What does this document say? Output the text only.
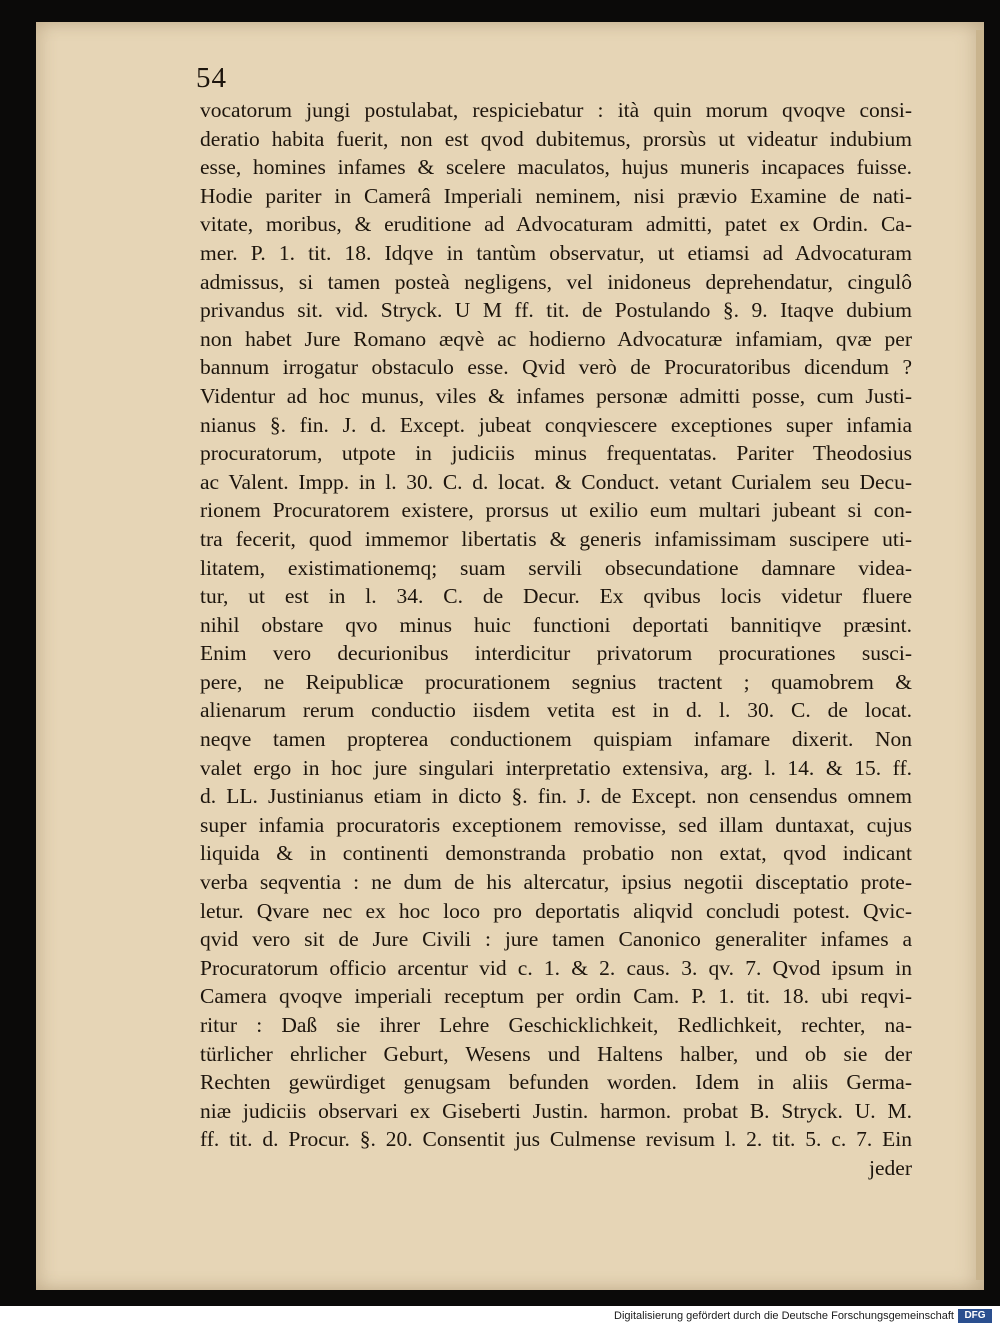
54
vocatorum jungi postulabat, respiciebatur : ità quin morum qvoqve consi-
deratio habita fuerit, non est qvod dubitemus, prorsùs ut videatur indubium
esse, homines infames & scelere maculatos, hujus muneris incapaces fuisse.
Hodie pariter in Camerâ Imperiali neminem, nisi prævio Examine de nati-
vitate, moribus, & eruditione ad Advocaturam admitti, patet ex Ordin. Ca-
mer. P. 1. tit. 18. Idqve in tantùm observatur, ut etiamsi ad Advocaturam
admissus, si tamen posteà negligens, vel inidoneus deprehendatur, cingulô
privandus sit. vid. Stryck. U M ff. tit. de Postulando §. 9. Itaqve dubium
non habet Jure Romano æqvè ac hodierno Advocaturæ infamiam, qvæ per
bannum irrogatur obstaculo esse. Qvid verò de Procuratoribus dicendum ?
Videntur ad hoc munus, viles & infames personæ admitti posse, cum Justi-
nianus §. fin. J. d. Except. jubeat conqviescere exceptiones super infamia
procuratorum, utpote in judiciis minus frequentatas. Pariter Theodosius
ac Valent. Impp. in l. 30. C. d. locat. & Conduct. vetant Curialem seu Decu-
rionem Procuratorem existere, prorsus ut exilio eum multari jubeant si con-
tra fecerit, quod immemor libertatis & generis infamissimam suscipere uti-
litatem, existimationemq; suam servili obsecundatione damnare videa-
tur, ut est in l. 34. C. de Decur. Ex qvibus locis videtur fluere
nihil obstare qvo minus huic functioni deportati bannitiqve præsint.
Enim vero decurionibus interdicitur privatorum procurationes susci-
pere, ne Reipublicæ procurationem segnius tractent ; quamobrem &
alienarum rerum conductio iisdem vetita est in d. l. 30. C. de locat.
neqve tamen propterea conductionem quispiam infamare dixerit. Non
valet ergo in hoc jure singulari interpretatio extensiva, arg. l. 14. & 15. ff.
d. LL. Justinianus etiam in dicto §. fin. J. de Except. non censendus omnem
super infamia procuratoris exceptionem removisse, sed illam duntaxat, cujus
liquida & in continenti demonstranda probatio non extat, qvod indicant
verba seqventia : ne dum de his altercatur, ipsius negotii disceptatio prote-
letur. Qvare nec ex hoc loco pro deportatis aliqvid concludi potest. Qvic-
qvid vero sit de Jure Civili : jure tamen Canonico generaliter infames a
Procuratorum officio arcentur vid c. 1. & 2. caus. 3. qv. 7. Qvod ipsum in
Camera qvoqve imperiali receptum per ordin Cam. P. 1. tit. 18. ubi reqvi-
ritur : Daß sie ihrer Lehre Geschicklichkeit, Redlichkeit, rechter, na-
türlicher ehrlicher Geburt, Wesens und Haltens halber, und ob sie der
Rechten gewürdiget genugsam befunden worden. Idem in aliis Germa-
niæ judiciis observari ex Giseberti Justin. harmon. probat B. Stryck. U. M.
ff. tit. d. Procur. §. 20. Consentit jus Culmense revisum l. 2. tit. 5. c. 7. Ein
jeder
Digitalisierung gefördert durch die Deutsche Forschungsgemeinschaft	DFG
